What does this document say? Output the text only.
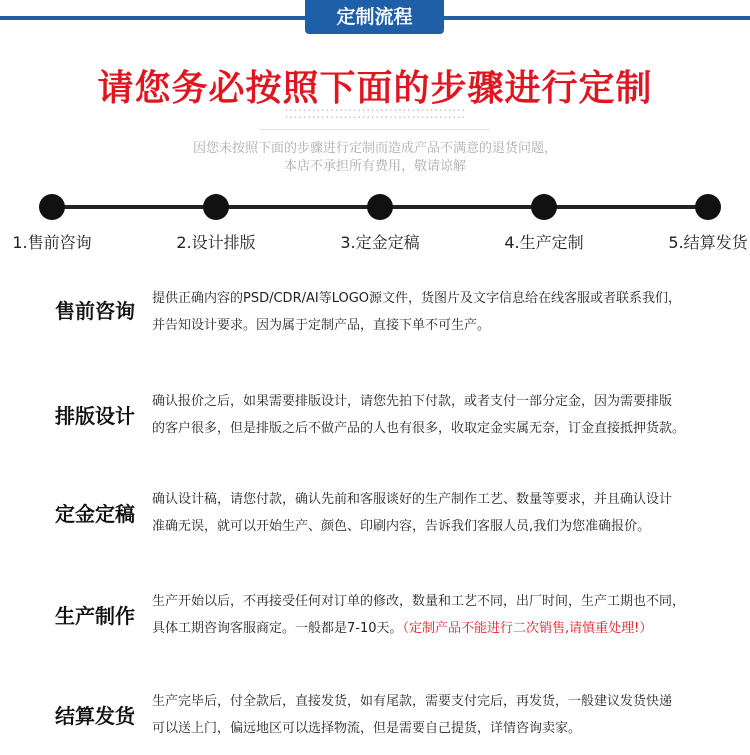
定制流程
请您务必按照下面的步骤进行定制
• • • • • • • • • • • • • • • • • • • • • • • • • • • • • • • • • • • • • • • •
• • • • • • • • • • • • • • • • • • • • • • • • • • • • • • • • • • • • • • • •
因您未按照下面的步骤进行定制而造成产品不满意的退货问题，
本店不承担所有费用，敬请谅解
1.售前咨询	2.设计排版	3.定金定稿	4.生产定制	5.结算发货
售前咨询

提供正确内容的PSD/CDR/AI等LOGO源文件，货图片及文字信息给在线客服或者联系我们，

并告知设计要求。因为属于定制产品，直接下单不可生产。

排版设计

确认报价之后，如果需要排版设计，请您先拍下付款，或者支付一部分定金，因为需要排版

的客户很多，但是排版之后不做产品的人也有很多，收取定金实属无奈，订金直接抵押货款。

定金定稿

确认设计稿，请您付款，确认先前和客服谈好的生产制作工艺、数量等要求，并且确认设计

准确无误，就可以开始生产、颜色、印刷内容，告诉我们客服人员,我们为您准确报价。

生产制作

生产开始以后，不再接受任何对订单的修改，数量和工艺不同，出厂时间，生产工期也不同，

具体工期咨询客服商定。一般都是7-10天。（定制产品不能进行二次销售,请慎重处理!）

结算发货

生产完毕后，付全款后，直接发货，如有尾款，需要支付完后，再发货，一般建议发货快递

可以送上门，偏远地区可以选择物流，但是需要自己提货，详情咨询卖家。
